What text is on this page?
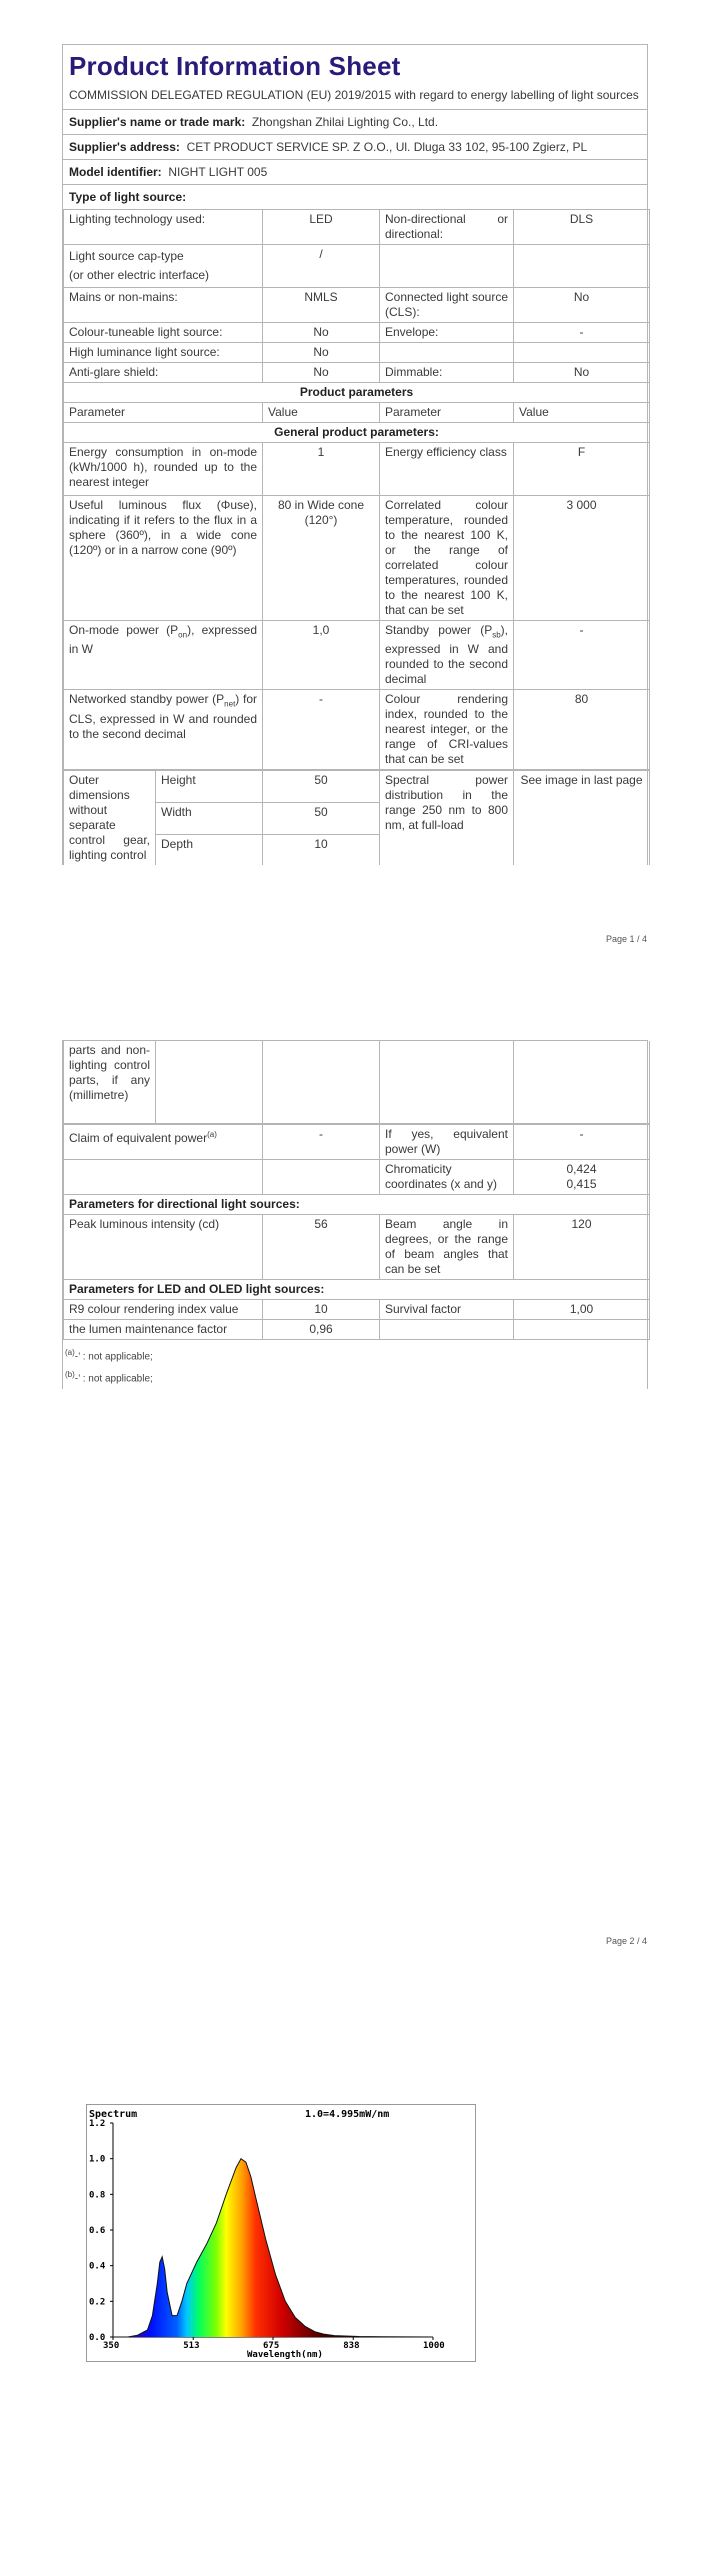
Product Information Sheet
COMMISSION DELEGATED REGULATION (EU) 2019/2015 with regard to energy labelling of light sources
Supplier's name or trade mark: Zhongshan Zhilai Lighting Co., Ltd.
Supplier's address: CET PRODUCT SERVICE SP. Z O.O., Ul. Dluga 33 102, 95-100 Zgierz, PL
Model identifier: NIGHT LIGHT 005
Type of light source:
Lighting technology used:	LED	Non-directional or directional:	DLS

Light source cap-type
(or other electric interface)	/		
Mains or non-mains:	NMLS	Connected light source (CLS):	No
Colour-tuneable light source:	No	Envelope:	-
High luminance light source:	No		
Anti-glare shield:	No	Dimmable:	No
Product parameters			
Parameter	Value	Parameter	Value
General product parameters:			
Energy consumption in on-mode (kWh/1000 h), rounded up to the nearest integer	1	Energy efficiency class	F
Useful luminous flux (Φuse), indicating if it refers to the flux in a sphere (360º), in a wide cone (120º) or in a narrow cone (90º)	80 in Wide cone (120°)	Correlated colour temperature, rounded to the nearest 100 K, or the range of correlated colour temperatures, rounded to the nearest 100 K, that can be set	3 000
On-mode power $(P_{on})$, expressed in W	1,0	Standby power $(P_{sb})$, expressed in W and rounded to the second decimal	-
Networked standby power $(P_{net})$ for CLS, expressed in W and rounded to the second decimal	-	Colour rendering index, rounded to the nearest integer, or the range of CRI-values that can be set	80
Outer dimensions without separate control gear, lighting control	Height	50	Spectral power distribution in the range 250 nm to 800 nm, at full-load	See image in last page
	Width	50		
	Depth	10		
Page 1 / 4
parts and non-lighting control parts, if any (millimetre)				
Claim of equivalent power$^{(a)}$	-	If yes, equivalent power (W)	-
		Chromaticity coordinates (x and y)	0,424
0,415

Parameters for directional light sources:			
Peak luminous intensity (cd)	56	Beam angle in degrees, or the range of beam angles that can be set	120
Parameters for LED and OLED light sources:			
R9 colour rendering index value	10	Survival factor	1,00
the lumen maintenance factor	0,96		
$^{(a)}$-’ : not applicable;
$^{(b)}$-’ : not applicable;
Page 2 / 4
Spectrum	1.0=4.995mW/nm
0.0
0.2
0.4
0.6
0.8
1.0
1.2
350	513	675	838	1000
Wavelength(nm)
